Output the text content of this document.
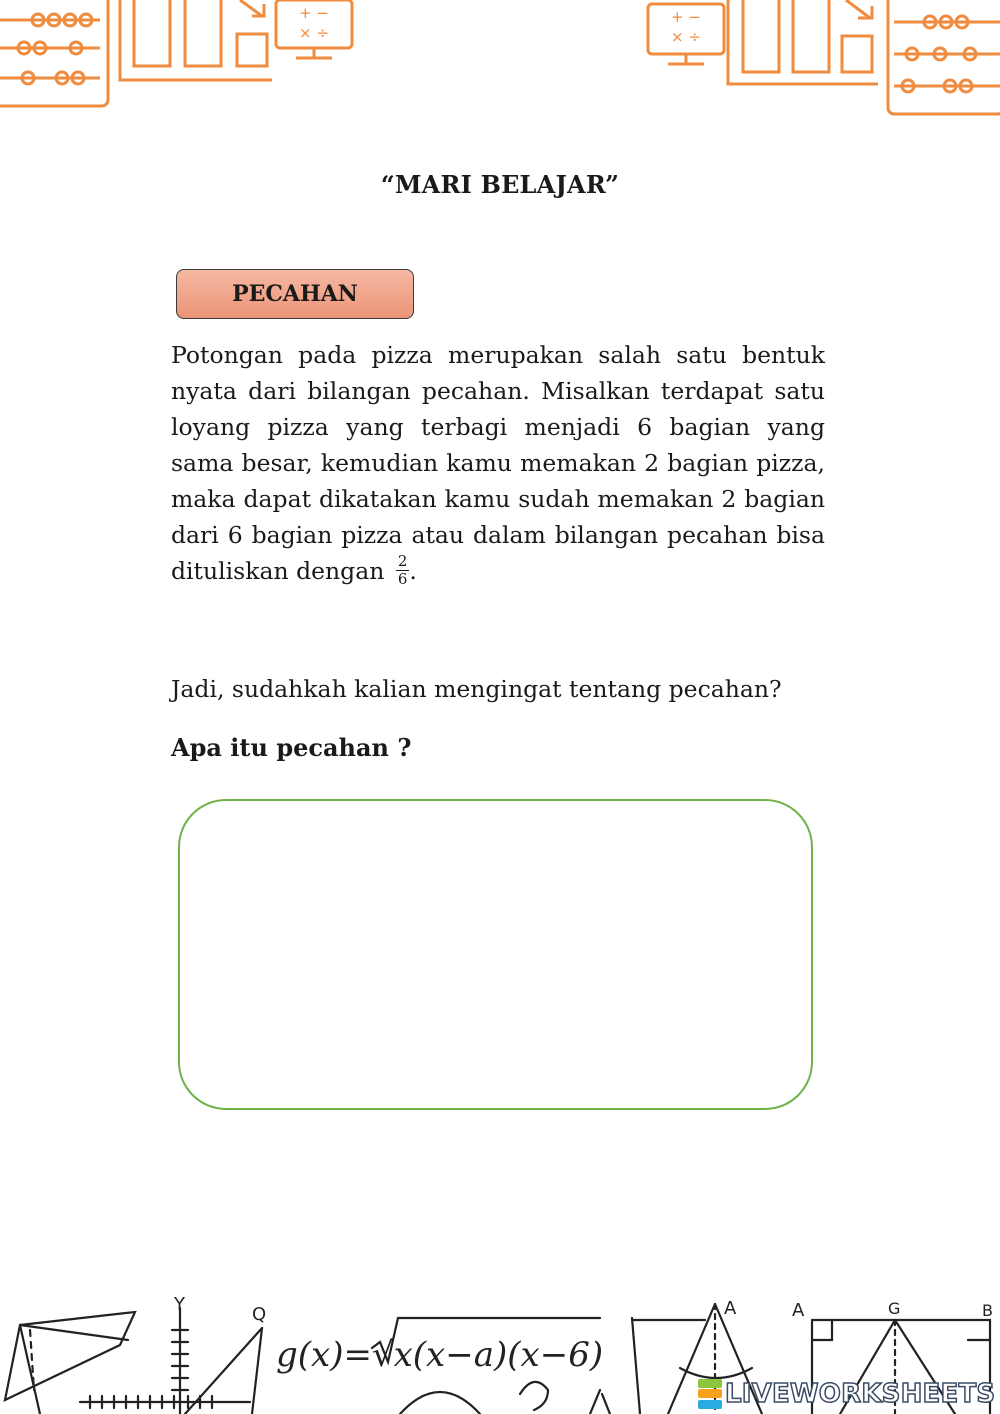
+ −
× ÷
+ −
× ÷
“MARI BELAJAR”
PECAHAN

Potongan pada pizza merupakan salah satu bentuk nyata dari bilangan pecahan. Misalkan terdapat satu loyang pizza yang terbagi menjadi 6 bagian yang sama besar, kemudian kamu memakan 2 bagian pizza, maka dapat dikatakan kamu sudah memakan 2 bagian dari 6 bagian pizza atau dalam bilangan pecahan bisa dituliskan dengan $\frac{2}{6}$ .

Jadi, sudahkah kalian mengingat tentang pecahan?

Apa itu pecahan ?

g(x)=√x(x−a)(x−6)
Y	Q	A	A	G	B
LIVEWORKSHEETS
